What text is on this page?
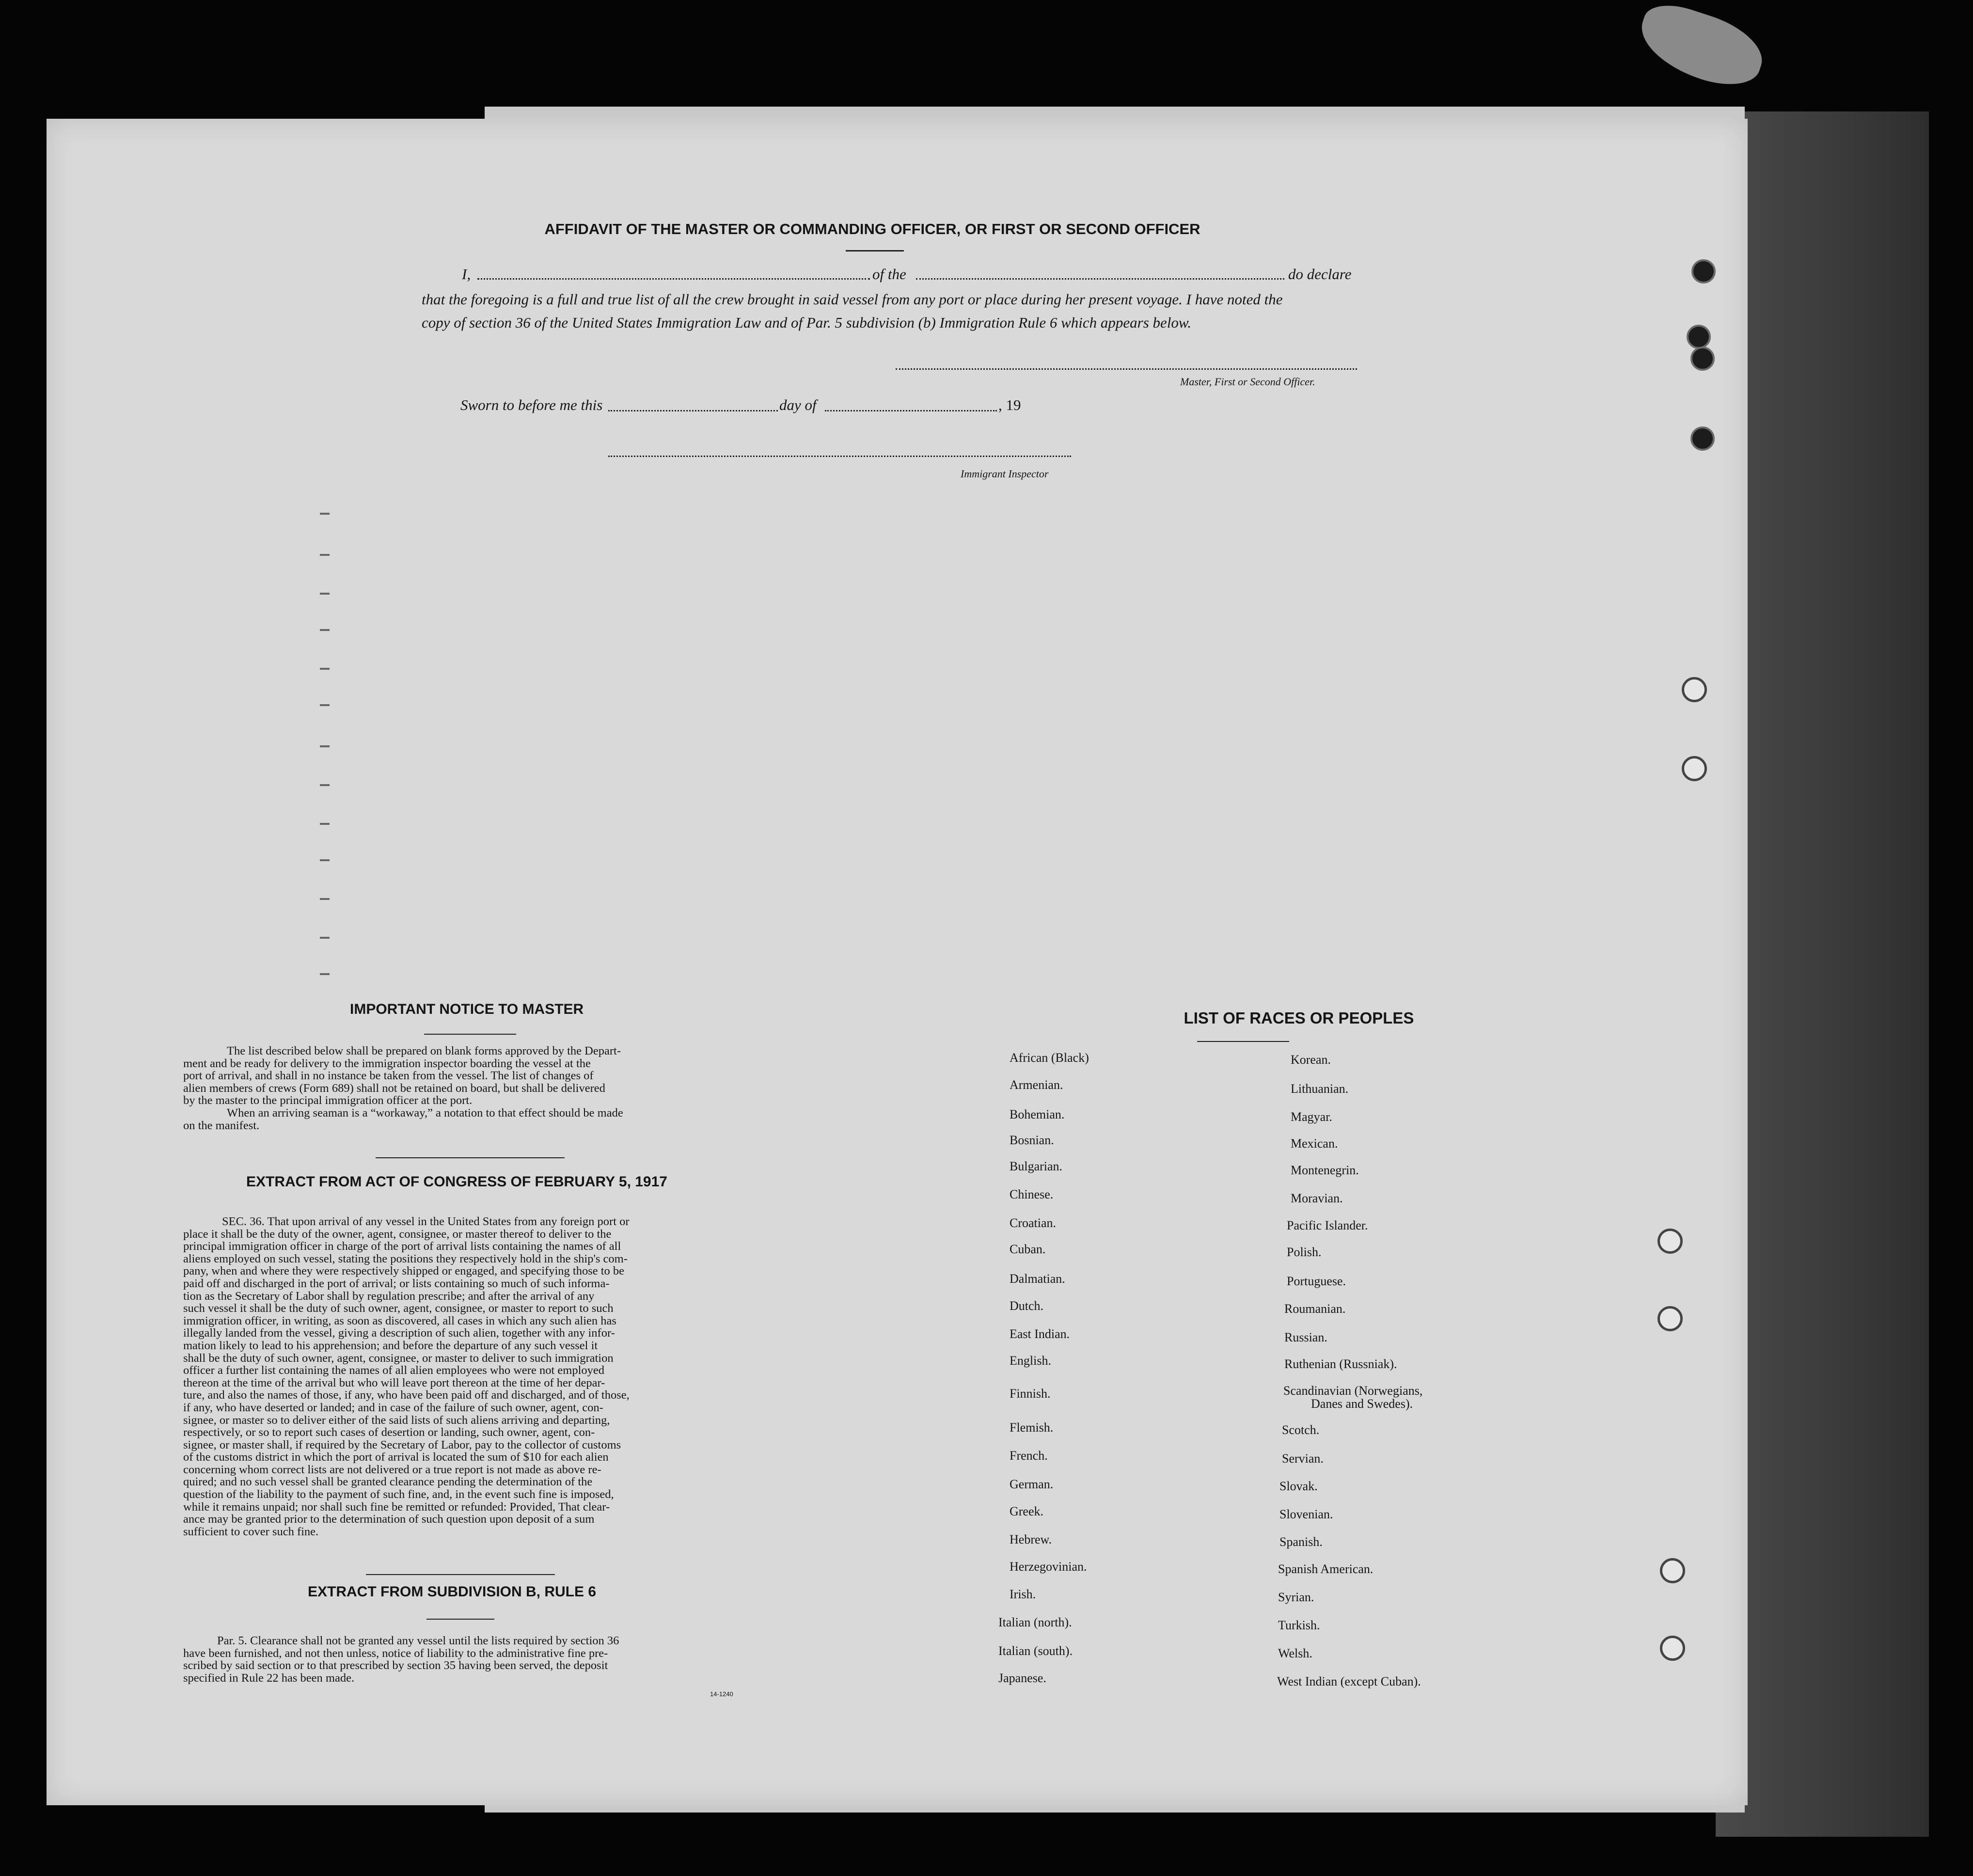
AFFIDAVIT OF THE MASTER OR COMMANDING OFFICER, OR FIRST OR SECOND OFFICER
I,	of the	do declare
that the foregoing is a full and true list of all the crew brought in said vessel from any port or place during her present voyage. I have noted the
copy of section 36 of the United States Immigration Law and of Par. 5 subdivision (b) Immigration Rule 6 which appears below.
Master, First or Second Officer.
Sworn to before me this	day of	, 19
Immigrant Inspector
IMPORTANT NOTICE TO MASTER
The list described below shall be prepared on blank forms approved by the Depart-
ment and be ready for delivery to the immigration inspector boarding the vessel at the
port of arrival, and shall in no instance be taken from the vessel. The list of changes of
alien members of crews (Form 689) shall not be retained on board, but shall be delivered
by the master to the principal immigration officer at the port.
When an arriving seaman is a “workaway,” a notation to that effect should be made
on the manifest.
EXTRACT FROM ACT OF CONGRESS OF FEBRUARY 5, 1917
SEC. 36. That upon arrival of any vessel in the United States from any foreign port or
place it shall be the duty of the owner, agent, consignee, or master thereof to deliver to the
principal immigration officer in charge of the port of arrival lists containing the names of all
aliens employed on such vessel, stating the positions they respectively hold in the ship's com-
pany, when and where they were respectively shipped or engaged, and specifying those to be
paid off and discharged in the port of arrival; or lists containing so much of such informa-
tion as the Secretary of Labor shall by regulation prescribe; and after the arrival of any
such vessel it shall be the duty of such owner, agent, consignee, or master to report to such
immigration officer, in writing, as soon as discovered, all cases in which any such alien has
illegally landed from the vessel, giving a description of such alien, together with any infor-
mation likely to lead to his apprehension; and before the departure of any such vessel it
shall be the duty of such owner, agent, consignee, or master to deliver to such immigration
officer a further list containing the names of all alien employees who were not employed
thereon at the time of the arrival but who will leave port thereon at the time of her depar-
ture, and also the names of those, if any, who have been paid off and discharged, and of those,
if any, who have deserted or landed; and in case of the failure of such owner, agent, con-
signee, or master so to deliver either of the said lists of such aliens arriving and departing,
respectively, or so to report such cases of desertion or landing, such owner, agent, con-
signee, or master shall, if required by the Secretary of Labor, pay to the collector of customs
of the customs district in which the port of arrival is located the sum of $10 for each alien
concerning whom correct lists are not delivered or a true report is not made as above re-
quired; and no such vessel shall be granted clearance pending the determination of the
question of the liability to the payment of such fine, and, in the event such fine is imposed,
while it remains unpaid; nor shall such fine be remitted or refunded: Provided, That clear-
ance may be granted prior to the determination of such question upon deposit of a sum
sufficient to cover such fine.
EXTRACT FROM SUBDIVISION B, RULE 6
Par. 5. Clearance shall not be granted any vessel until the lists required by section 36
have been furnished, and not then unless, notice of liability to the administrative fine pre-
scribed by said section or to that prescribed by section 35 having been served, the deposit
specified in Rule 22 has been made.
14-1240
LIST OF RACES OR PEOPLES
African (Black)
Armenian.
Bohemian.
Bosnian.
Bulgarian.
Chinese.
Croatian.
Cuban.
Dalmatian.
Dutch.
East Indian.
English.
Finnish.
Flemish.
French.
German.
Greek.
Hebrew.
Herzegovinian.
Irish.
Italian (north).
Italian (south).
Japanese.
Korean.
Lithuanian.
Magyar.
Mexican.
Montenegrin.
Moravian.
Pacific Islander.
Polish.
Portuguese.
Roumanian.
Russian.
Ruthenian (Russniak).
Scandinavian (Norwegians,
Danes and Swedes).
Scotch.
Servian.
Slovak.
Slovenian.
Spanish.
Spanish American.
Syrian.
Turkish.
Welsh.
West Indian (except Cuban).
